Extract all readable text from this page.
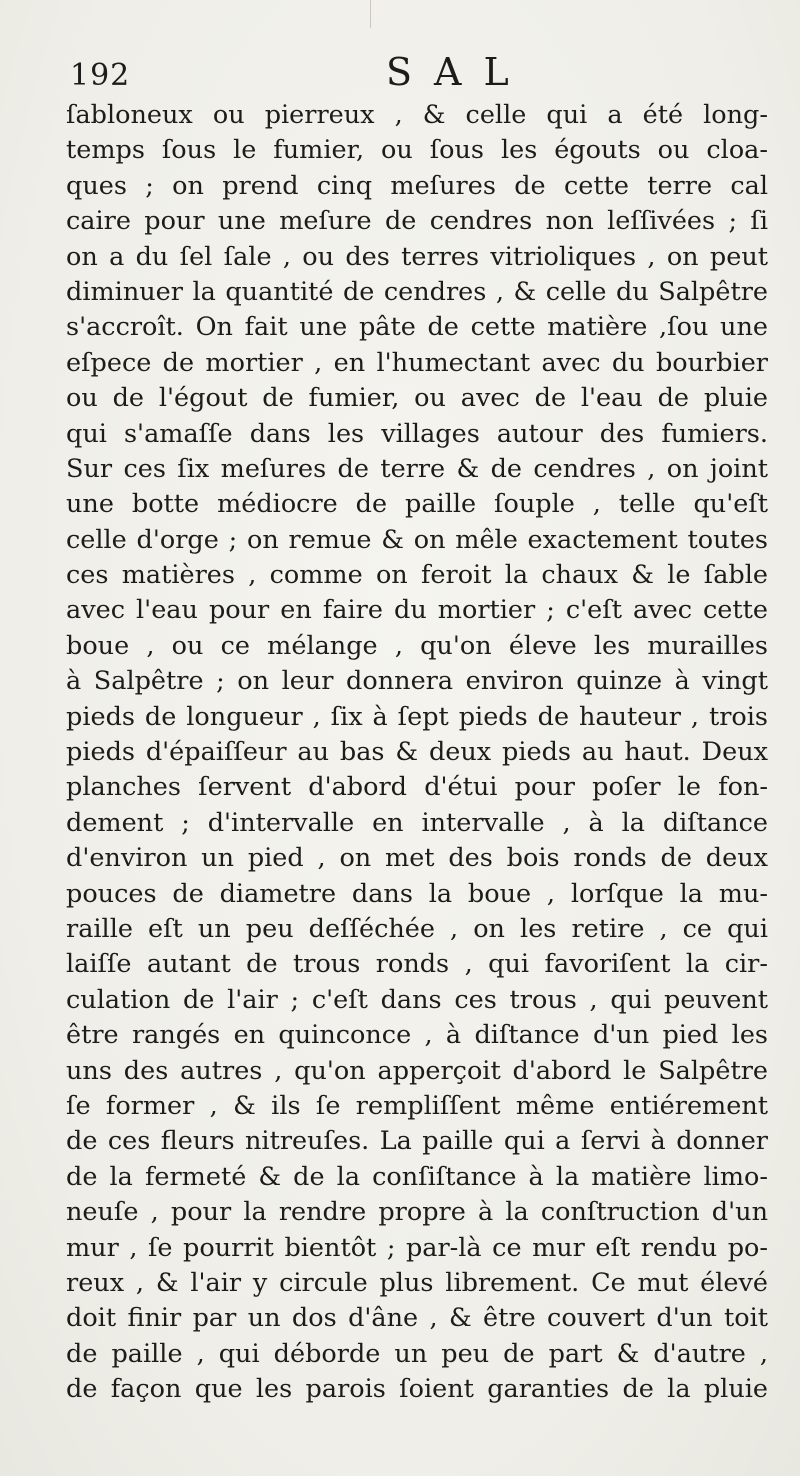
192	SAL
ſabloneux ou pierreux , & celle qui a été long-
temps ſous le fumier, ou ſous les égouts ou cloa-
ques ; on prend cinq meſures de cette terre cal
caire pour une meſure de cendres non leſſivées ; ſi
on a du ſel ſale , ou des terres vitrioliques , on peut
diminuer la quantité de cendres , & celle du Salpêtre
s'accroît. On fait une pâte de cette matière ,ſou une
eſpece de mortier , en l'humectant avec du bourbier
ou de l'égout de fumier, ou avec de l'eau de pluie
qui s'amaſſe dans les villages autour des fumiers.
Sur ces ſix meſures de terre & de cendres , on joint
une botte médiocre de paille ſouple , telle qu'eſt
celle d'orge ; on remue & on mêle exactement toutes
ces matières , comme on feroit la chaux & le ſable
avec l'eau pour en faire du mortier ; c'eſt avec cette
boue , ou ce mélange , qu'on éleve les murailles
à Salpêtre ; on leur donnera environ quinze à vingt
pieds de longueur , ſix à ſept pieds de hauteur , trois
pieds d'épaiſſeur au bas & deux pieds au haut. Deux
planches ſervent d'abord d'étui pour poſer le fon-
dement ; d'intervalle en intervalle , à la diſtance
d'environ un pied , on met des bois ronds de deux
pouces de diametre dans la boue , lorſque la mu-
raille eſt un peu deſſéchée , on les retire , ce qui
laiſſe autant de trous ronds , qui favoriſent la cir-
culation de l'air ; c'eſt dans ces trous , qui peuvent
être rangés en quinconce , à diſtance d'un pied les
uns des autres , qu'on apperçoit d'abord le Salpêtre
ſe former , & ils ſe rempliſſent même entiérement
de ces fleurs nitreuſes. La paille qui a ſervi à donner
de la fermeté & de la conſiſtance à la matière limo-
neuſe , pour la rendre propre à la conſtruction d'un
mur , ſe pourrit bientôt ; par-là ce mur eſt rendu po-
reux , & l'air y circule plus librement. Ce mut élevé
doit finir par un dos d'âne , & être couvert d'un toit
de paille , qui déborde un peu de part & d'autre ,
de façon que les parois ſoient garanties de la pluie
